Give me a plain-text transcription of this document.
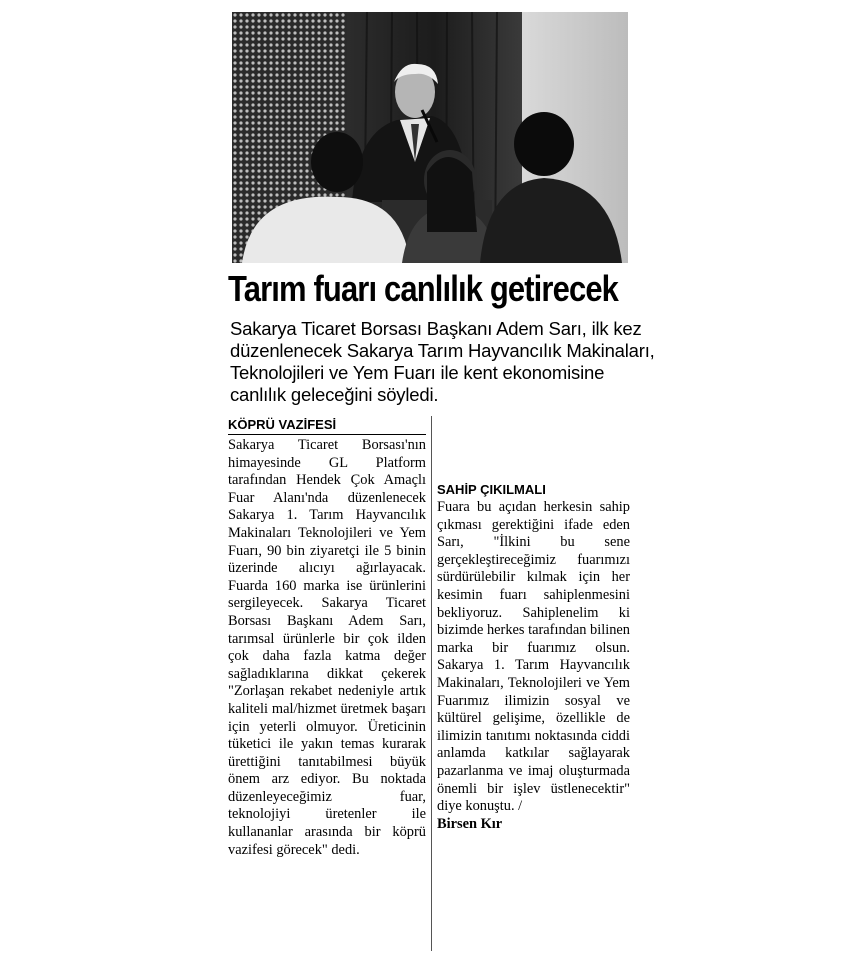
Tarım fuarı canlılık getirecek

Sakarya Ticaret Borsası Başkanı Adem Sarı, ilk kez düzenlenecek Sakarya Tarım Hayvancılık Makinaları, Teknolojileri ve Yem Fuarı ile kent ekonomisine canlılık geleceğini söyledi.

KÖPRÜ VAZİFESİ

Sakarya Ticaret Borsası'nın himayesinde GL Platform tarafından Hendek Çok Amaçlı Fuar Alanı'nda düzenlenecek Sakarya 1. Tarım Hayvancılık Makinaları Teknolojileri ve Yem Fuarı, 90 bin ziyaretçi ile 5 binin üzerinde alıcıyı ağırlayacak. Fuarda 160 marka ise ürünlerini sergileyecek. Sakarya Ticaret Borsası Başkanı Adem Sarı, tarımsal ürünlerle bir çok ilden çok daha fazla katma değer sağladıklarına dikkat çekerek "Zorlaşan rekabet nedeniyle artık kaliteli mal/hizmet üretmek başarı için yeterli olmuyor. Üreticinin tüketici ile yakın temas kurarak ürettiğini tanıtabilmesi büyük önem arz ediyor. Bu noktada düzenleyeceğimiz fuar, teknolojiyi üretenler ile kullananlar arasında bir köprü vazifesi görecek" dedi.

SAHİP ÇIKILMALI

Fuara bu açıdan herkesin sahip çıkması gerektiğini ifade eden Sarı, "İlkini bu sene gerçekleştireceğimiz fuarımızı sürdürülebilir kılmak için her kesimin fuarı sahiplenmesini bekliyoruz. Sahiplenelim ki bizimde herkes tarafından bilinen marka bir fuarımız olsun. Sakarya 1. Tarım Hayvancılık Makinaları, Teknolojileri ve Yem Fuarımız ilimizin sosyal ve kültürel gelişime, özellikle de ilimizin tanıtımı noktasında ciddi anlamda katkılar sağlayarak pazarlanma ve imaj oluşturmada önemli bir işlev üstlenecektir" diye konuştu. /

Birsen Kır
